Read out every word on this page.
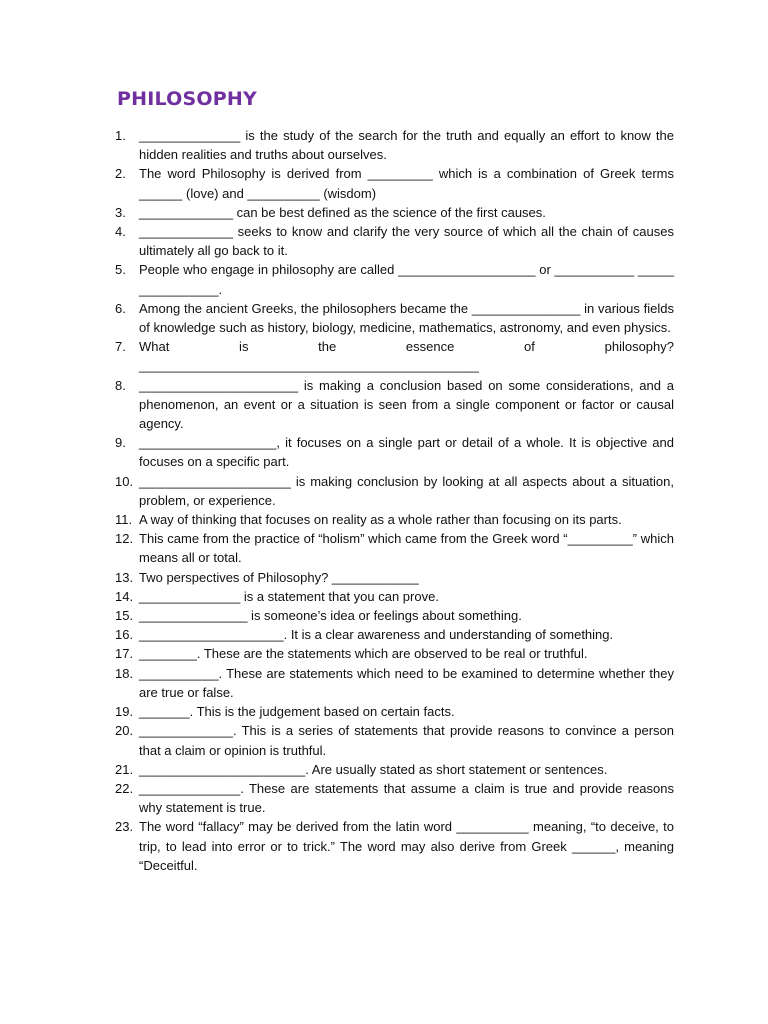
PHILOSOPHY
1.	______________ is the study of the search for the truth and equally an effort to know the hidden realities and truths about ourselves.
2.	The word Philosophy is derived from _________ which is a combination of Greek terms ______ (love) and __________ (wisdom)
3.	_____________ can be best defined as the science of the first causes.
4.	_____________ seeks to know and clarify the very source of which all the chain of causes ultimately all go back to it.
5.	People who engage in philosophy are called ___________________ or ___________ _____ ___________.
6.	Among the ancient Greeks, the philosophers became the _______________ in various fields of knowledge such as history, biology, medicine, mathematics, astronomy, and even physics.
7.	What is the essence of philosophy? _______________________________________________
8.	______________________ is making a conclusion based on some considerations, and a phenomenon, an event or a situation is seen from a single component or factor or causal agency.
9.	___________________, it focuses on a single part or detail of a whole. It is objective and focuses on a specific part.
10. _____________________ is making conclusion by looking at all aspects about a situation, problem, or experience.
11. A way of thinking that focuses on reality as a whole rather than focusing on its parts.
12. This came from the practice of “holism” which came from the Greek word “_________” which means all or total.
13. Two perspectives of Philosophy? ____________
14. ______________ is a statement that you can prove.
15. _______________ is someone’s idea or feelings about something.
16. ____________________. It is a clear awareness and understanding of something.
17. ________. These are the statements which are observed to be real or truthful.
18. ___________. These are statements which need to be examined to determine whether they are true or false.
19. _______. This is the judgement based on certain facts.
20. _____________. This is a series of statements that provide reasons to convince a person that a claim or opinion is truthful.
21. _______________________. Are usually stated as short statement or sentences.
22. ______________. These are statements that assume a claim is true and provide reasons why statement is true.
23. The word “fallacy” may be derived from the latin word __________ meaning, “to deceive, to trip, to lead into error or to trick.” The word may also derive from Greek ______, meaning “Deceitful.
